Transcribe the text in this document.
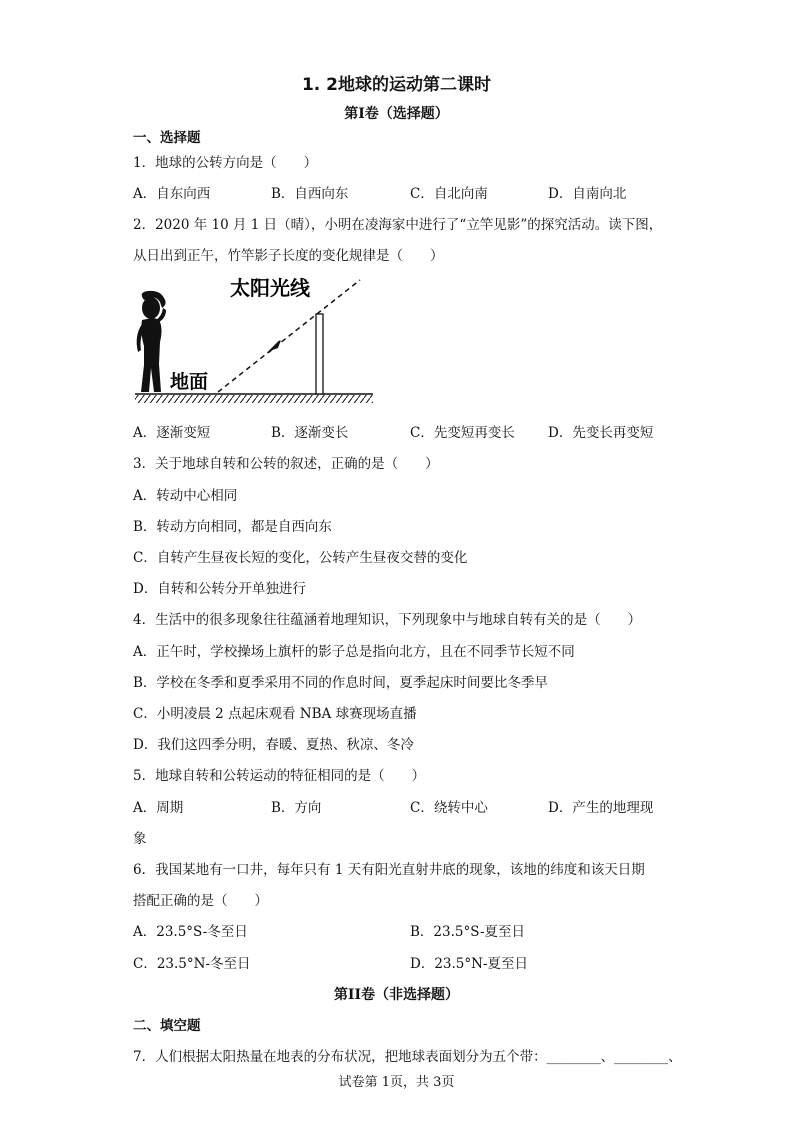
1. 2地球的运动第二课时
第I卷（选择题）
一、选择题
1．地球的公转方向是（　　）
A．自东向西	B．自西向东	C．自北向南	D．自南向北
2．2020 年 10 月 1 日（晴），小明在凌海家中进行了“立竿见影”的探究活动。读下图，
从日出到正午，竹竿影子长度的变化规律是（　　）
太阳光线
地面
A．逐渐变短	B．逐渐变长	C．先变短再变长 D．先变长再变短
3．关于地球自转和公转的叙述，正确的是（　　）
A．转动中心相同
B．转动方向相同，都是自西向东
C．自转产生昼夜长短的变化，公转产生昼夜交替的变化
D．自转和公转分开单独进行
4．生活中的很多现象往往蕴涵着地理知识，下列现象中与地球自转有关的是（　　）
A．正午时，学校操场上旗杆的影子总是指向北方，且在不同季节长短不同
B．学校在冬季和夏季采用不同的作息时间，夏季起床时间要比冬季早
C．小明凌晨 2 点起床观看 NBA 球赛现场直播
D．我们这四季分明，春暖、夏热、秋凉、冬冷
5．地球自转和公转运动的特征相同的是（　　）
A．周期	B．方向	C．绕转中心	D．产生的地理现
象
6．我国某地有一口井，每年只有 1 天有阳光直射井底的现象，该地的纬度和该天日期
搭配正确的是（　　）
A．23.5°S-冬至日	B．23.5°S-夏至日
C．23.5°N-冬至日	D．23.5°N-夏至日
第II卷（非选择题）
二、填空题
7．人们根据太阳热量在地表的分布状况，把地球表面划分为五个带：________、________、
试卷第 1页，共 3页
